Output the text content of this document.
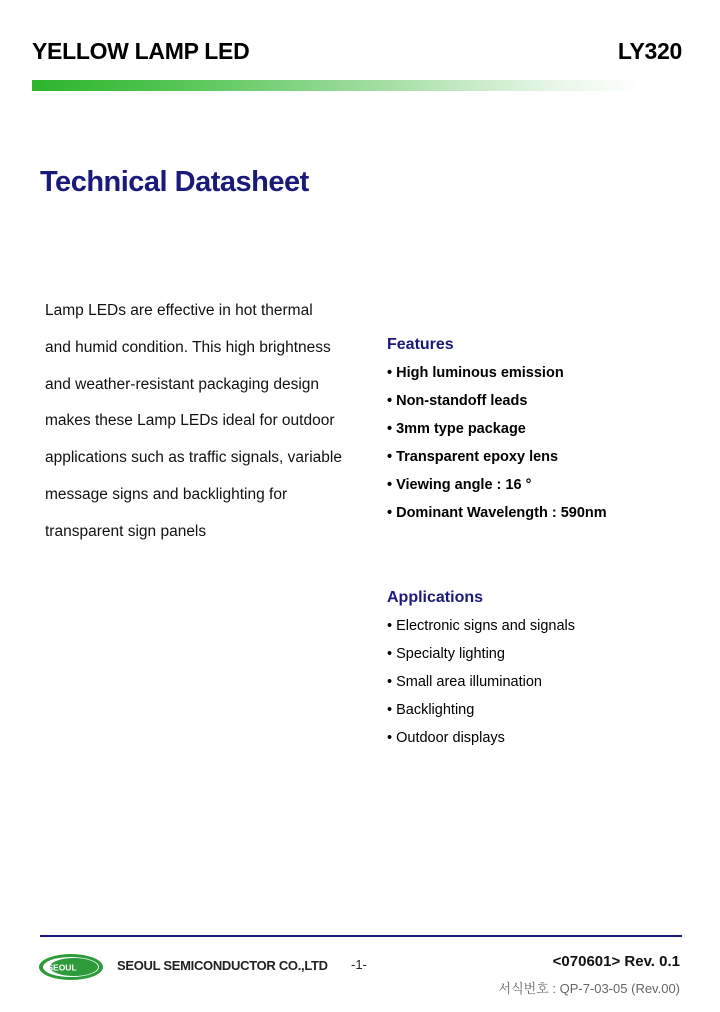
YELLOW LAMP LED	LY320
Technical Datasheet
Lamp LEDs are effective in hot thermal
and humid condition. This high brightness
and weather-resistant packaging design
makes these Lamp LEDs ideal for outdoor
applications such as traffic signals, variable
message signs and backlighting for
transparent sign panels
Features
• High luminous emission
• Non-standoff leads
• 3mm type package
• Transparent epoxy lens
• Viewing angle : 16 °
• Dominant Wavelength : 590nm
Applications
• Electronic signs and signals
• Specialty lighting
• Small area illumination
• Backlighting
• Outdoor displays
SEOUL	SEOUL SEMICONDUCTOR CO.,LTD -1-	<070601> Rev. 0.1
서식번호 : QP-7-03-05 (Rev.00)
